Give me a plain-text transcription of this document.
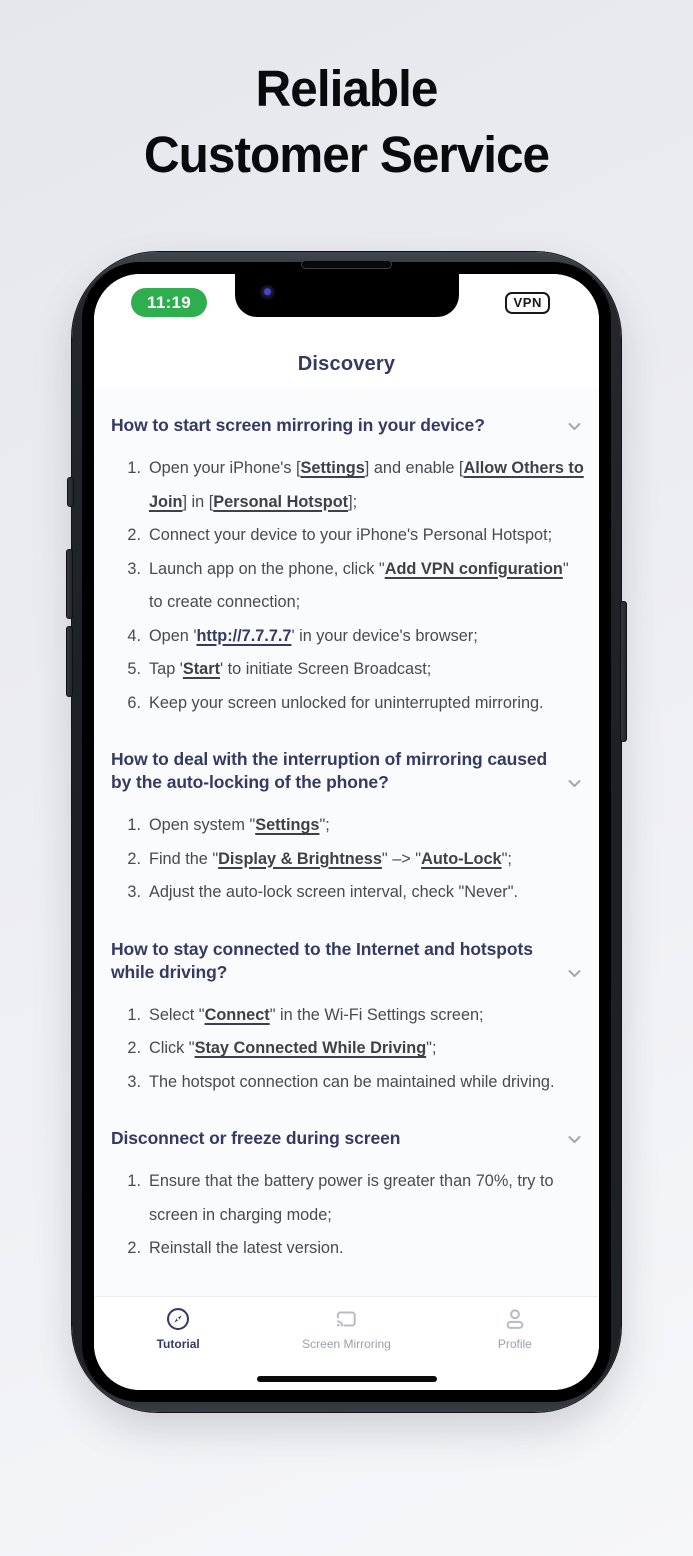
Reliable
Customer Service
11:19	VPN
Discovery
How to start screen mirroring in your device?
Open your iPhone's [Settings] and enable [Allow Others to Join] in [Personal Hotspot];
Connect your device to your iPhone's Personal Hotspot;
Launch app on the phone, click "Add VPN configuration" to create connection;
Open 'http://7.7.7.7' in your device's browser;
Tap 'Start' to initiate Screen Broadcast;
Keep your screen unlocked for uninterrupted mirroring.
How to deal with the interruption of mirroring caused by the auto-locking of the phone?
Open system "Settings";
Find the "Display & Brightness" –> "Auto-Lock";
Adjust the auto-lock screen interval, check "Never".
How to stay connected to the Internet and hotspots while driving?
Select "Connect" in the Wi-Fi Settings screen;
Click "Stay Connected While Driving";
The hotspot connection can be maintained while driving.
Disconnect or freeze during screen
Ensure that the battery power is greater than 70%, try to screen in charging mode;
Reinstall the latest version.
Tutorial	Screen Mirroring	Profile
